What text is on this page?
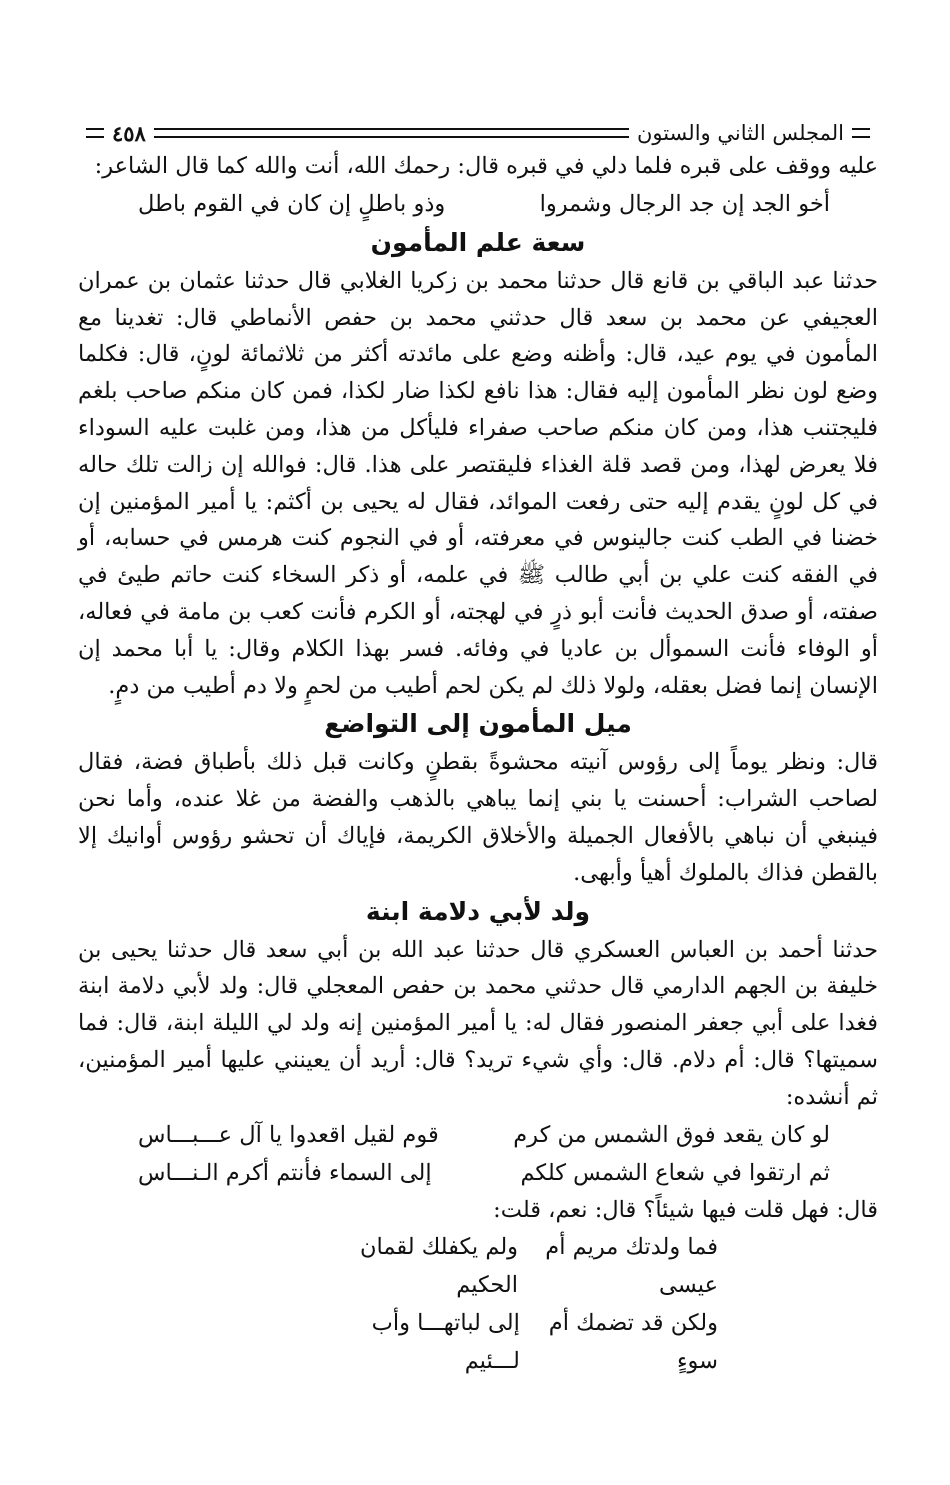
المجلس الثاني والستون
٤٥٨

عليه ووقف على قبره فلما دلي في قبره قال: رحمك الله، أنت والله كما قال الشاعر:

أخو الجد إن جد الرجال وشمروا
وذو باطلٍ إن كان في القوم باطل
سعة علم المأمون

حدثنا عبد الباقي بن قانع قال حدثنا محمد بن زكريا الغلابي قال حدثنا عثمان بن عمران العجيفي عن محمد بن سعد قال حدثني محمد بن حفص الأنماطي قال: تغدينا مع المأمون في يوم عيد، قال: وأظنه وضع على مائدته أكثر من ثلاثمائة لونٍ، قال: فكلما وضع لون نظر المأمون إليه فقال: هذا نافع لكذا ضار لكذا، فمن كان منكم صاحب بلغم فليجتنب هذا، ومن كان منكم صاحب صفراء فليأكل من هذا، ومن غلبت عليه السوداء فلا يعرض لهذا، ومن قصد قلة الغذاء فليقتصر على هذا. قال: فوالله إن زالت تلك حاله في كل لونٍ يقدم إليه حتى رفعت الموائد، فقال له يحيى بن أكثم: يا أمير المؤمنين إن خضنا في الطب كنت جالينوس في معرفته، أو في النجوم كنت هرمس في حسابه، أو في الفقه كنت علي بن أبي طالب ﷺ في علمه، أو ذكر السخاء كنت حاتم طيئ في صفته، أو صدق الحديث فأنت أبو ذرٍ في لهجته، أو الكرم فأنت كعب بن مامة في فعاله، أو الوفاء فأنت السموأل بن عاديا في وفائه. فسر بهذا الكلام وقال: يا أبا محمد إن الإنسان إنما فضل بعقله، ولولا ذلك لم يكن لحم أطيب من لحمٍ ولا دم أطيب من دمٍ.

ميل المأمون إلى التواضع

قال: ونظر يوماً إلى رؤوس آنيته محشوةً بقطنٍ وكانت قبل ذلك بأطباق فضة، فقال لصاحب الشراب: أحسنت يا بني إنما يباهي بالذهب والفضة من غلا عنده، وأما نحن فينبغي أن نباهي بالأفعال الجميلة والأخلاق الكريمة، فإياك أن تحشو رؤوس أوانيك إلا بالقطن فذاك بالملوك أهيأ وأبهى.

ولد لأبي دلامة ابنة

حدثنا أحمد بن العباس العسكري قال حدثنا عبد الله بن أبي سعد قال حدثنا يحيى بن خليفة بن الجهم الدارمي قال حدثني محمد بن حفص المعجلي قال: ولد لأبي دلامة ابنة فغدا على أبي جعفر المنصور فقال له: يا أمير المؤمنين إنه ولد لي الليلة ابنة، قال: فما سميتها؟ قال: أم دلام. قال: وأي شيء تريد؟ قال: أريد أن يعينني عليها أمير المؤمنين، ثم أنشده:

لو كان يقعد فوق الشمس من كرم
قوم لقيل اقعدوا يا آل عـــبـــاس
ثم ارتقوا في شعاع الشمس كلكم
إلى السماء فأنتم أكرم الـنـــاس

قال: فهل قلت فيها شيئاً؟ قال: نعم، قلت:

فما ولدتك مريم أم عيسى
ولم يكفلك لقمان الحكيم
ولكن قد تضمك أم سوءٍ
إلى لباتهـــا وأب لـــئيم
